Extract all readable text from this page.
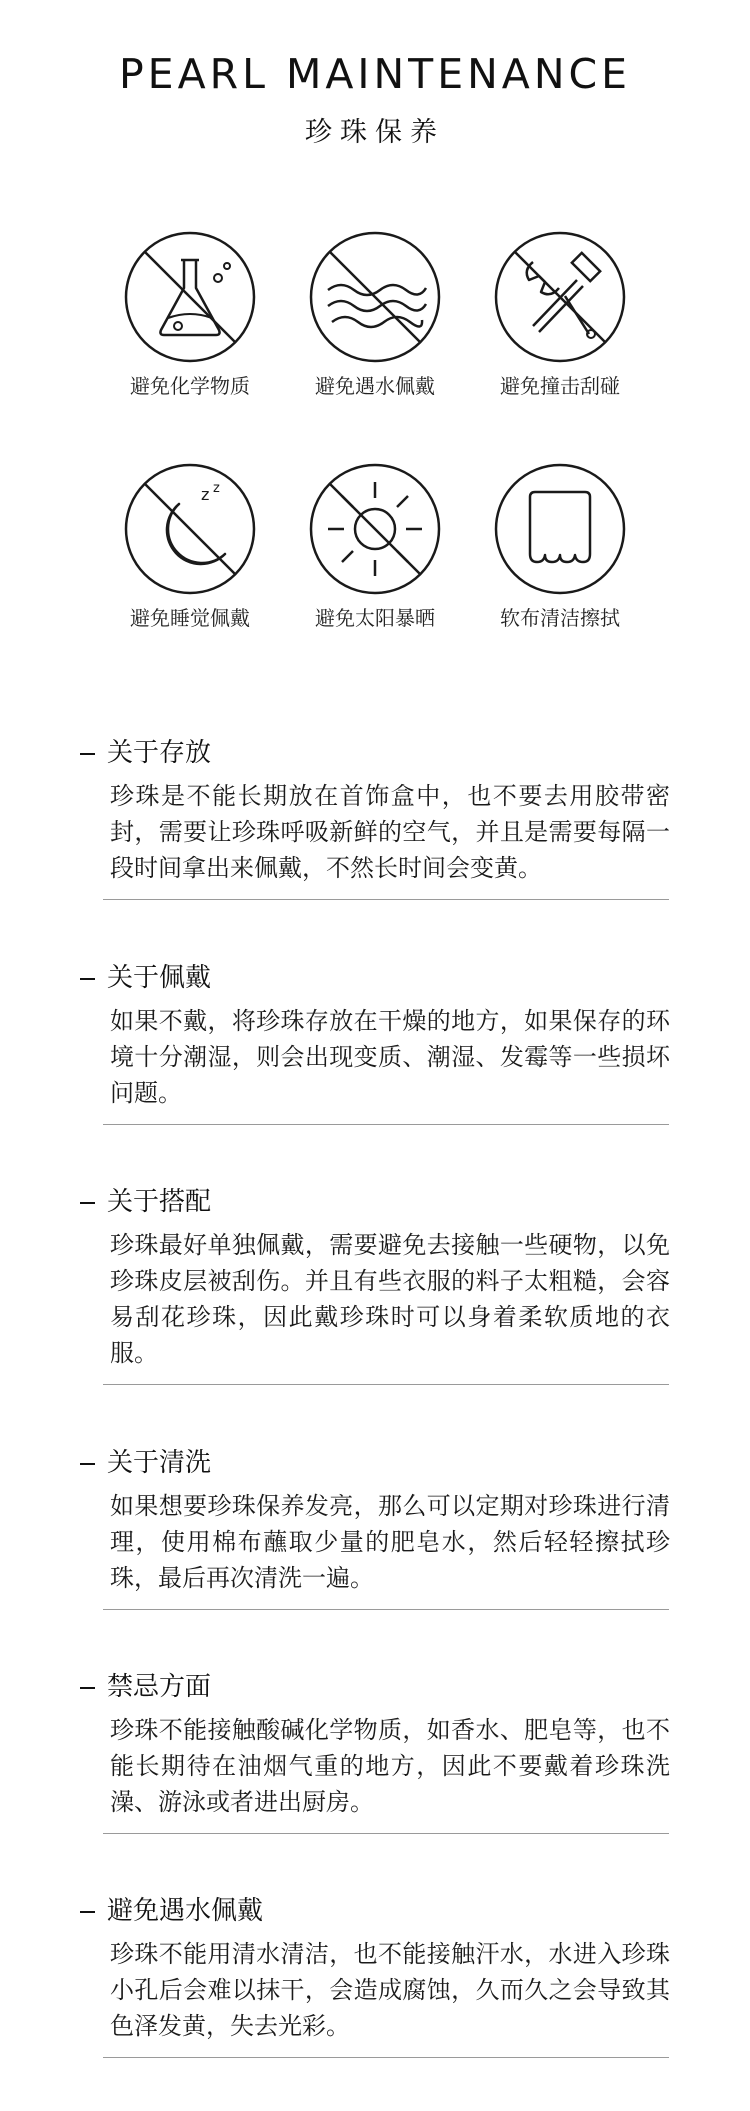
PEARL MAINTENANCE
珍珠保养
避免化学物质	避免遇水佩戴	避免撞击刮碰
z z
避免睡觉佩戴	避免太阳暴晒	软布清洁擦拭
关于存放
珍珠是不能长期放在首饰盒中，也不要去用胶带密封，需要让珍珠呼吸新鲜的空气，并且是需要每隔一段时间拿出来佩戴，不然长时间会变黄。
关于佩戴
如果不戴，将珍珠存放在干燥的地方，如果保存的环境十分潮湿，则会出现变质、潮湿、发霉等一些损坏问题。
关于搭配
珍珠最好单独佩戴，需要避免去接触一些硬物，以免珍珠皮层被刮伤。并且有些衣服的料子太粗糙，会容易刮花珍珠，因此戴珍珠时可以身着柔软质地的衣服。
关于清洗
如果想要珍珠保养发亮，那么可以定期对珍珠进行清理，使用棉布蘸取少量的肥皂水，然后轻轻擦拭珍珠，最后再次清洗一遍。
禁忌方面
珍珠不能接触酸碱化学物质，如香水、肥皂等，也不能长期待在油烟气重的地方，因此不要戴着珍珠洗澡、游泳或者进出厨房。
避免遇水佩戴
珍珠不能用清水清洁，也不能接触汗水，水进入珍珠小孔后会难以抹干，会造成腐蚀，久而久之会导致其色泽发黄，失去光彩。
